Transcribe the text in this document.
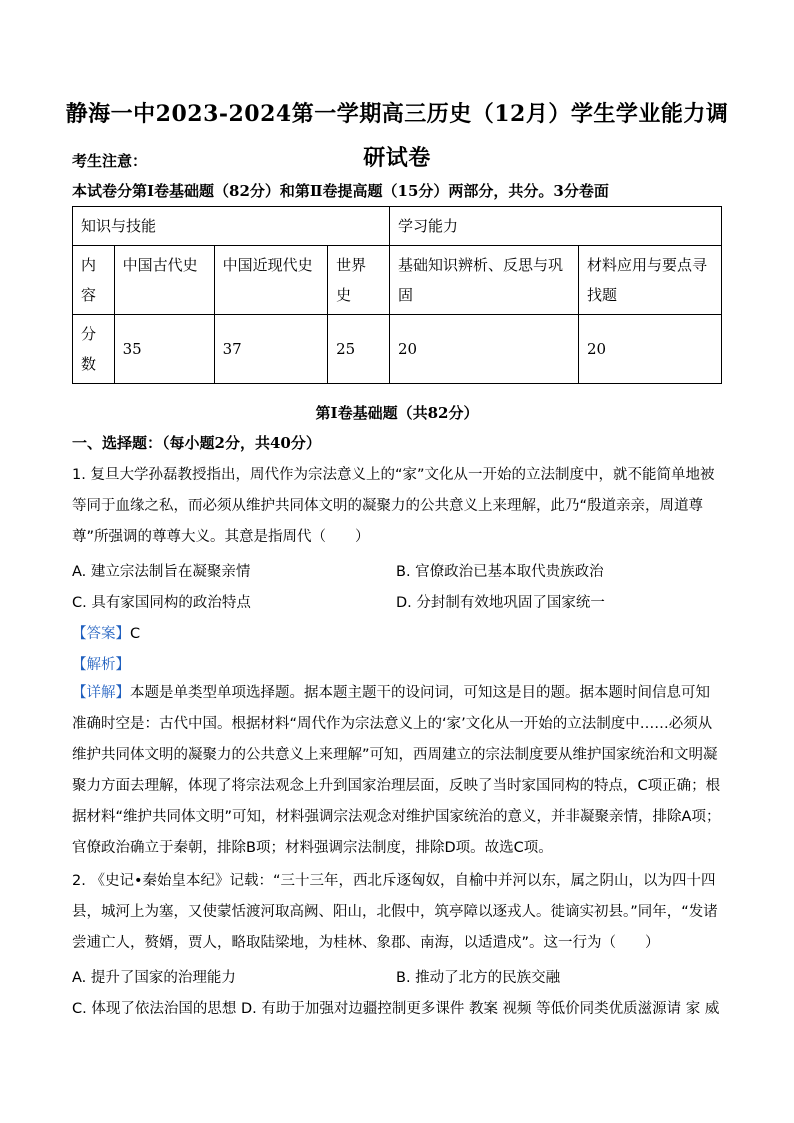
静海一中2023-2024第一学期高三历史（12月）学生学业能力调研试卷
考生注意：
本试卷分第Ⅰ卷基础题（82分）和第Ⅱ卷提高题（15分）两部分，共分。3分卷面
知识与技能				学习能力	
内容	中国古代史	中国近现代史	世界史	基础知识辨析、反思与巩固	材料应用与要点寻找题
分数	35	37	25	20	20
第Ⅰ卷基础题（共82分）
一、选择题：（每小题2分，共40分）
1. 复旦大学孙磊教授指出，周代作为宗法意义上的“家”文化从一开始的立法制度中，就不能简单地被等同于血缘之私，而必须从维护共同体文明的凝聚力的公共意义上来理解，此乃“殷道亲亲，周道尊尊”所强调的尊尊大义。其意是指周代（　　）
A. 建立宗法制旨在凝聚亲情	B. 官僚政治已基本取代贵族政治
C. 具有家国同构的政治特点	D. 分封制有效地巩固了国家统一
【答案】C
【解析】
【详解】本题是单类型单项选择题。据本题主题干的设问词，可知这是目的题。据本题时间信息可知准确时空是：古代中国。根据材料“周代作为宗法意义上的‘家’文化从一开始的立法制度中……必须从维护共同体文明的凝聚力的公共意义上来理解”可知，西周建立的宗法制度要从维护国家统治和文明凝聚力方面去理解，体现了将宗法观念上升到国家治理层面，反映了当时家国同构的特点，C项正确；根据材料“维护共同体文明”可知，材料强调宗法观念对维护国家统治的意义，并非凝聚亲情，排除A项；官僚政治确立于秦朝，排除B项；材料强调宗法制度，排除D项。故选C项。
2. 《史记•秦始皇本纪》记载：“三十三年，西北斥逐匈奴，自榆中并河以东，属之阴山，以为四十四县，城河上为塞，又使蒙恬渡河取高阙、阳山，北假中，筑亭障以逐戎人。徙谪实初县。”同年，“发诸尝逋亡人，赘婿，贾人，略取陆梁地，为桂林、象郡、南海，以适遣戍”。这一行为（　　）
A. 提升了国家的治理能力	B. 推动了北方的民族交融
C. 体现了依法治国的思想 D. 有助于加强对边疆控制更多课件 教案 视频 等低价同类优质滋源请 家 威
